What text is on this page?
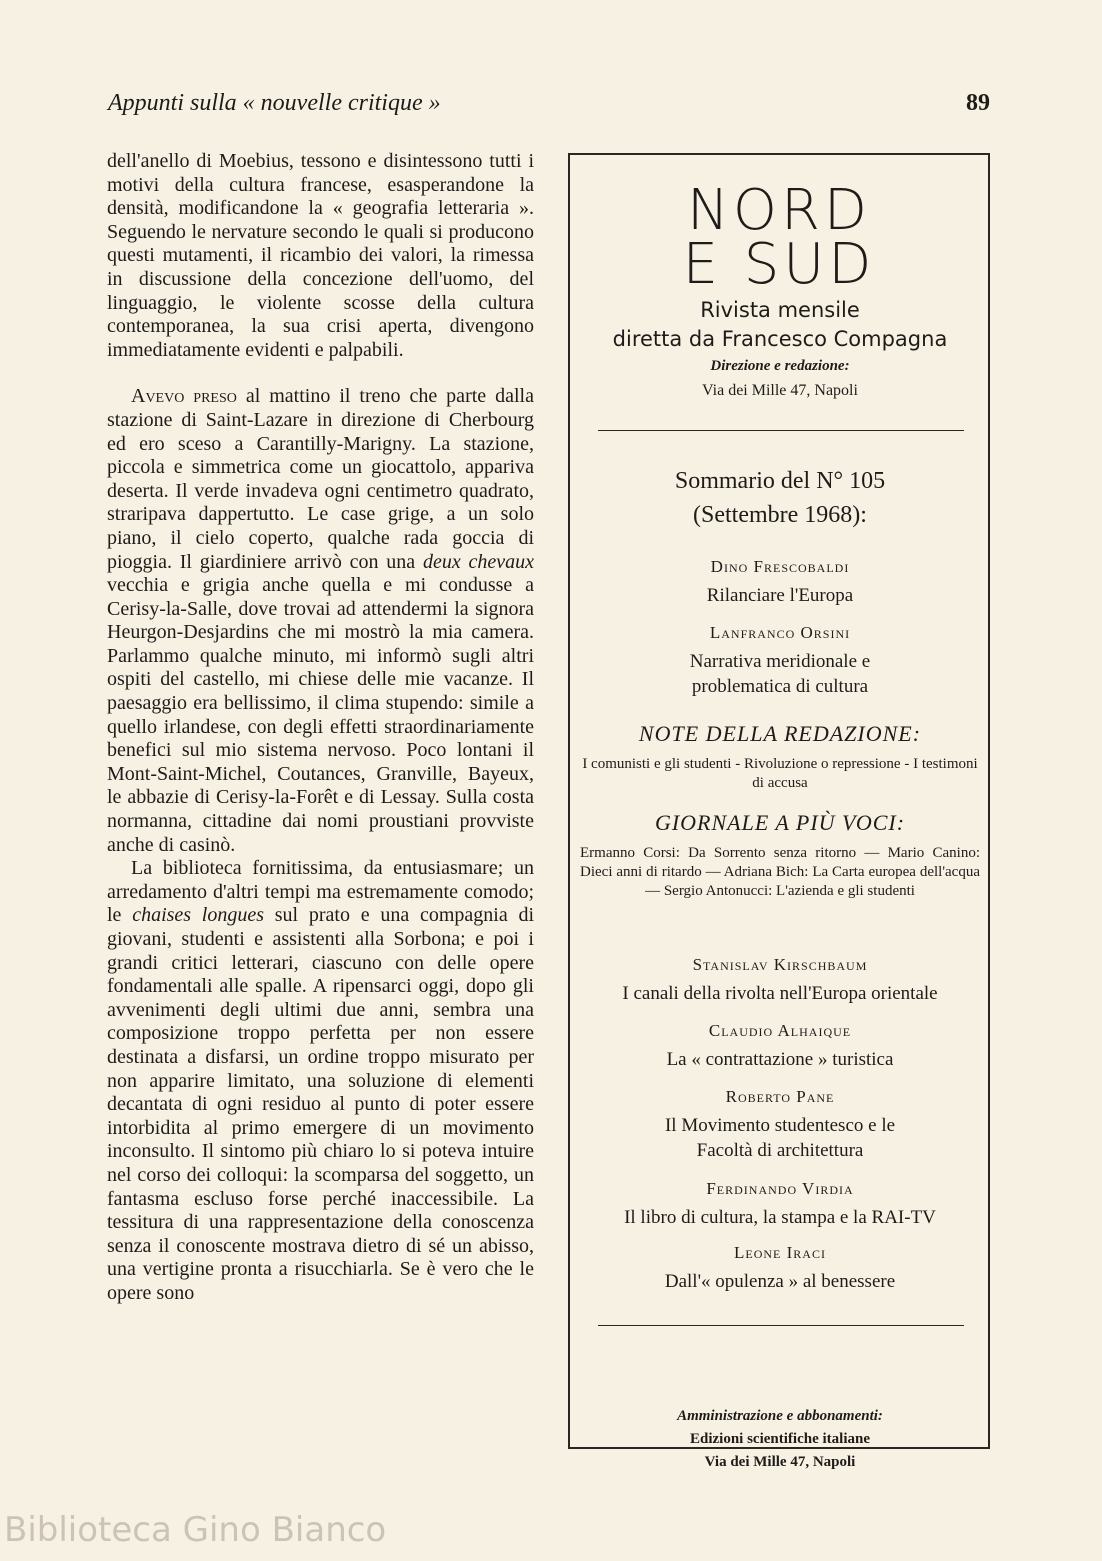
Appunti sulla « nouvelle critique »	89

dell'anello di Moebius, tessono e disintessono tutti i motivi della cultura francese, esasperandone la densità, modificandone la « geografia letteraria ». Seguendo le nervature secondo le quali si producono questi mutamenti, il ricambio dei valori, la rimessa in discussione della concezione dell'uomo, del linguaggio, le violente scosse della cultura contemporanea, la sua crisi aperta, divengono immediatamente evidenti e palpabili.

Avevo preso al mattino il treno che parte dalla stazione di Saint-Lazare in direzione di Cherbourg ed ero sceso a Carantilly-Marigny. La stazione, piccola e simmetrica come un giocattolo, appariva deserta. Il verde invadeva ogni centimetro quadrato, straripava dappertutto. Le case grige, a un solo piano, il cielo coperto, qualche rada goccia di pioggia. Il giardiniere arrivò con una deux chevaux vecchia e grigia anche quella e mi condusse a Cerisy-la-Salle, dove trovai ad attendermi la signora Heurgon-Desjardins che mi mostrò la mia camera. Parlammo qualche minuto, mi informò sugli altri ospiti del castello, mi chiese delle mie vacanze. Il paesaggio era bellissimo, il clima stupendo: simile a quello irlandese, con degli effetti straordinariamente benefici sul mio sistema nervoso. Poco lontani il Mont-Saint-Michel, Coutances, Granville, Bayeux, le abbazie di Cerisy-la-Forêt e di Lessay. Sulla costa normanna, cittadine dai nomi proustiani provviste anche di casinò.

La biblioteca fornitissima, da entusiasmare; un arredamento d'altri tempi ma estremamente comodo; le chaises longues sul prato e una compagnia di giovani, studenti e assistenti alla Sorbona; e poi i grandi critici letterari, ciascuno con delle opere fondamentali alle spalle. A ripensarci oggi, dopo gli avvenimenti degli ultimi due anni, sembra una composizione troppo perfetta per non essere destinata a disfarsi, un ordine troppo misurato per non apparire limitato, una soluzione di elementi decantata di ogni residuo al punto di poter essere intorbidita al primo emergere di un movimento inconsulto. Il sintomo più chiaro lo si poteva intuire nel corso dei colloqui: la scomparsa del soggetto, un fantasma escluso forse perché inaccessibile. La tessitura di una rappresentazione della conoscenza senza il conoscente mostrava dietro di sé un abisso, una vertigine pronta a risucchiarla. Se è vero che le opere sono

NORD
E SUD
Rivista mensile
diretta da Francesco Compagna
Direzione e redazione:
Via dei Mille 47, Napoli
Sommario del N° 105
(Settembre 1968):
Dino Frescobaldi
Rilanciare l'Europa
Lanfranco Orsini
Narrativa meridionale e problematica di cultura
NOTE DELLA REDAZIONE:
I comunisti e gli studenti - Rivoluzione o repressione - I testimoni di accusa
GIORNALE A PIÙ VOCI:
Ermanno Corsi: Da Sorrento senza ritorno — Mario Canino: Dieci anni di ritardo — Adriana Bich: La Carta europea dell'acqua — Sergio Antonucci: L'azienda e gli studenti
Stanislav Kirschbaum
I canali della rivolta nell'Europa orientale
Claudio Alhaique
La « contrattazione » turistica
Roberto Pane
Il Movimento studentesco e le Facoltà di architettura
Ferdinando Virdia
Il libro di cultura, la stampa e la RAI-TV
Leone Iraci
Dall'« opulenza » al benessere
Amministrazione e abbonamenti:
Edizioni scientifiche italiane
Via dei Mille 47, Napoli
Biblioteca Gino Bianco
